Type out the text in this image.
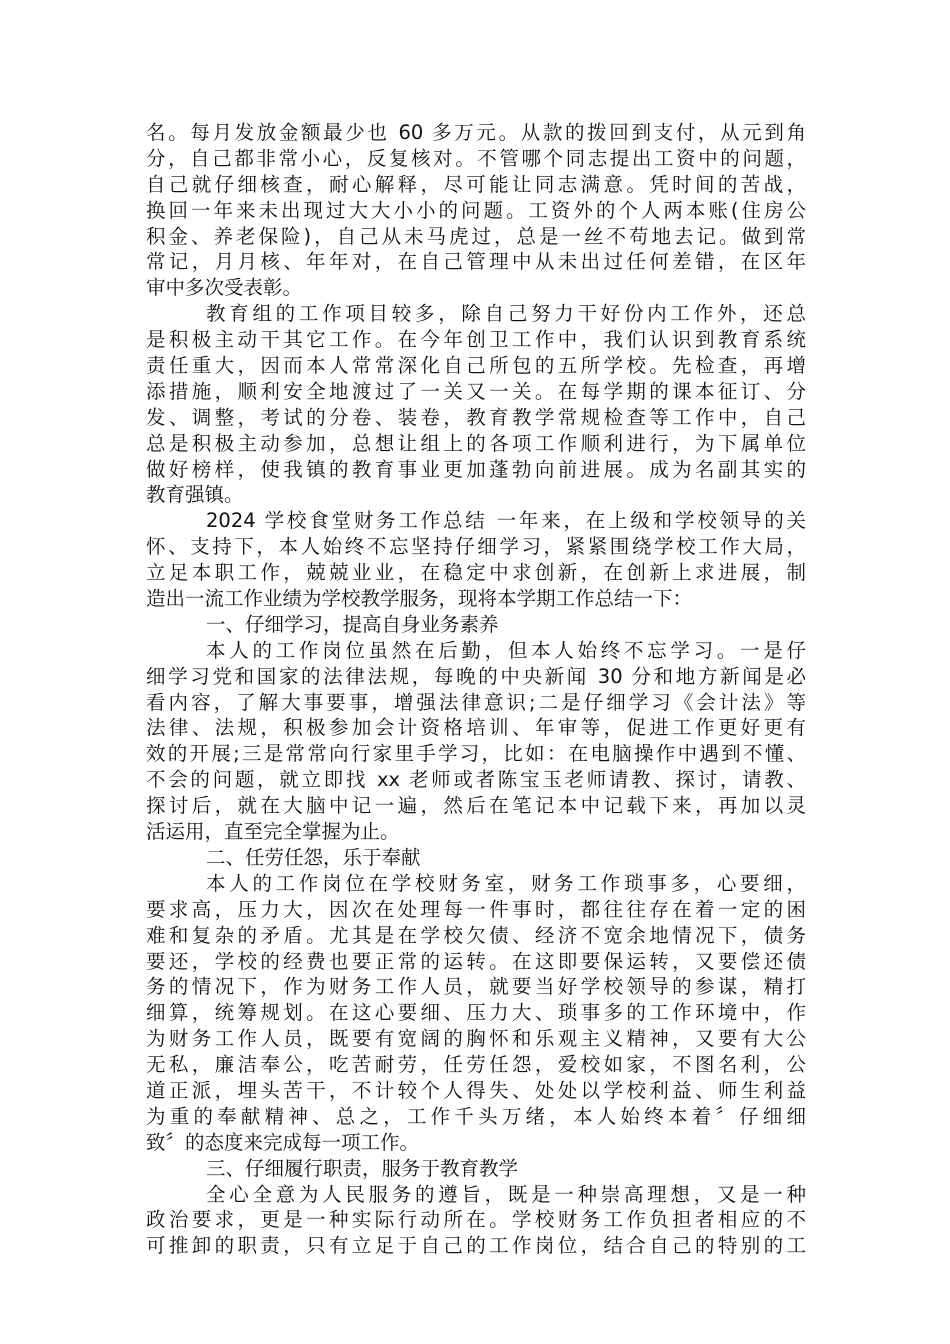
名。每月发放金额最少也 60 多万元。从款的拨回到支付，从元到角
分，自己都非常小心，反复核对。不管哪个同志提出工资中的问题，
自己就仔细核查，耐心解释，尽可能让同志满意。凭时间的苦战，
换回一年来未出现过大大小小的问题。工资外的个人两本账(住房公
积金、养老保险)，自己从未马虎过，总是一丝不苟地去记。做到常
常记，月月核、年年对，在自己管理中从未出过任何差错，在区年
审中多次受表彰。
教育组的工作项目较多，除自己努力干好份内工作外，还总
是积极主动干其它工作。在今年创卫工作中，我们认识到教育系统
责任重大，因而本人常常深化自己所包的五所学校。先检查，再增
添措施，顺利安全地渡过了一关又一关。在每学期的课本征订、分
发、调整，考试的分卷、装卷，教育教学常规检查等工作中，自己
总是积极主动参加，总想让组上的各项工作顺利进行，为下属单位
做好榜样，使我镇的教育事业更加蓬勃向前进展。成为名副其实的
教育强镇。
2024 学校食堂财务工作总结 一年来，在上级和学校领导的关
怀、支持下，本人始终不忘坚持仔细学习，紧紧围绕学校工作大局，
立足本职工作，兢兢业业，在稳定中求创新，在创新上求进展，制
造出一流工作业绩为学校教学服务，现将本学期工作总结一下：
一、仔细学习，提高自身业务素养
本人的工作岗位虽然在后勤，但本人始终不忘学习。一是仔
细学习党和国家的法律法规，每晚的中央新闻 30 分和地方新闻是必
看内容，了解大事要事，增强法律意识;二是仔细学习《会计法》等
法律、法规，积极参加会计资格培训、年审等，促进工作更好更有
效的开展;三是常常向行家里手学习，比如：在电脑操作中遇到不懂、
不会的问题，就立即找 xx 老师或者陈宝玉老师请教、探讨，请教、
探讨后，就在大脑中记一遍，然后在笔记本中记载下来，再加以灵
活运用，直至完全掌握为止。
二、任劳任怨，乐于奉献
本人的工作岗位在学校财务室，财务工作琐事多，心要细，
要求高，压力大，因次在处理每一件事时，都往往存在着一定的困
难和复杂的矛盾。尤其是在学校欠债、经济不宽余地情况下，债务
要还，学校的经费也要正常的运转。在这即要保运转，又要偿还债
务的情况下，作为财务工作人员，就要当好学校领导的参谋，精打
细算，统筹规划。在这心要细、压力大、琐事多的工作环境中，作
为财务工作人员，既要有宽阔的胸怀和乐观主义精神，又要有大公
无私，廉洁奉公，吃苦耐劳，任劳任怨，爱校如家，不图名利，公
道正派，埋头苦干，不计较个人得失、处处以学校利益、师生利益
为重的奉献精神、总之，工作千头万绪，本人始终本着〞仔细细
致〞的态度来完成每一项工作。
三、仔细履行职责，服务于教育教学
全心全意为人民服务的遵旨，既是一种崇高理想，又是一种
政治要求，更是一种实际行动所在。学校财务工作负担者相应的不
可推卸的职责，只有立足于自己的工作岗位，结合自己的特别的工
